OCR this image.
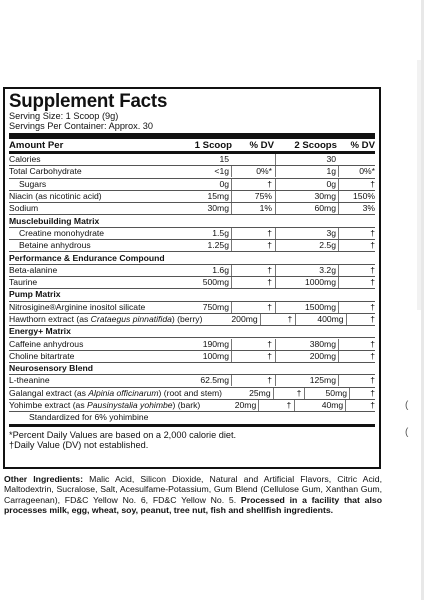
(
(
Supplement Facts
Serving Size: 1 Scoop (9g)
Servings Per Container: Approx. 30
Amount Per	1 Scoop	% DV	2 Scoops	% DV
Calories	15	30
Total Carbohydrate	<1g	0%*	1g	0%*
Sugars	0g	†	0g	†
Niacin (as nicotinic acid)	15mg	75%	30mg	150%
Sodium	30mg	1%	60mg	3%
Musclebuilding Matrix
Creatine monohydrate	1.5g	†	3g	†
Betaine anhydrous	1.25g	†	2.5g	†
Performance & Endurance Compound
Beta-alanine	1.6g	†	3.2g	†
Taurine	500mg	†	1000mg	†
Pump Matrix
Nitrosigine®Arginine inositol silicate	750mg	†	1500mg	†
Hawthorn extract (as Crataegus pinnatifida) (berry)	200mg	†	400mg	†
Energy+ Matrix
Caffeine anhydrous	190mg	†	380mg	†
Choline bitartrate	100mg	†	200mg	†
Neurosensory Blend
L-theanine	62.5mg	†	125mg	†
Galangal extract (as Alpinia officinarum) (root and stem)	25mg	†	50mg	†
Yohimbe extract (as Pausinystalia yohimbe) (bark)	20mg	†	40mg	†
Standardized for 6% yohimbine
*Percent Daily Values are based on a 2,000 calorie diet.
†Daily Value (DV) not established.
Other Ingredients: Malic Acid, Silicon Dioxide, Natural and Artificial Flavors, Citric Acid, Maltodextrin, Sucralose, Salt, Acesulfame-Potassium, Gum Blend (Cellulose Gum, Xanthan Gum, Carrageenan), FD&C Yellow No. 6, FD&C Yellow No. 5. Processed in a facility that also processes milk, egg, wheat, soy, peanut, tree nut, fish and shellfish ingredients.
